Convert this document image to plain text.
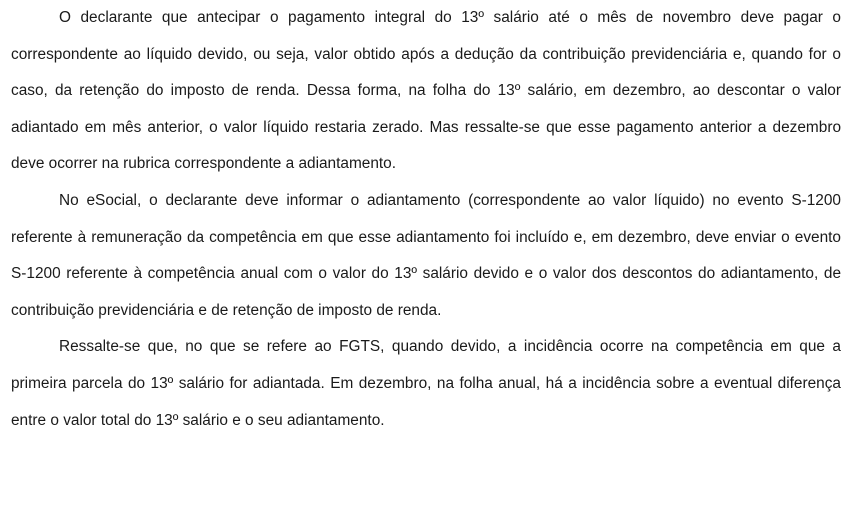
O declarante que antecipar o pagamento integral do 13º salário até o mês de novembro deve pagar o correspondente ao líquido devido, ou seja, valor obtido após a dedução da contribuição previdenciária e, quando for o caso, da retenção do imposto de renda. Dessa forma, na folha do 13º salário, em dezembro, ao descontar o valor adiantado em mês anterior, o valor líquido restaria zerado. Mas ressalte-se que esse pagamento anterior a dezembro deve ocorrer na rubrica correspondente a adiantamento.

No eSocial, o declarante deve informar o adiantamento (correspondente ao valor líquido) no evento S-1200 referente à remuneração da competência em que esse adiantamento foi incluído e, em dezembro, deve enviar o evento S-1200 referente à competência anual com o valor do 13º salário devido e o valor dos descontos do adiantamento, de contribuição previdenciária e de retenção de imposto de renda.

Ressalte-se que, no que se refere ao FGTS, quando devido, a incidência ocorre na competência em que a primeira parcela do 13º salário for adiantada. Em dezembro, na folha anual, há a incidência sobre a eventual diferença entre o valor total do 13º salário e o seu adiantamento.
